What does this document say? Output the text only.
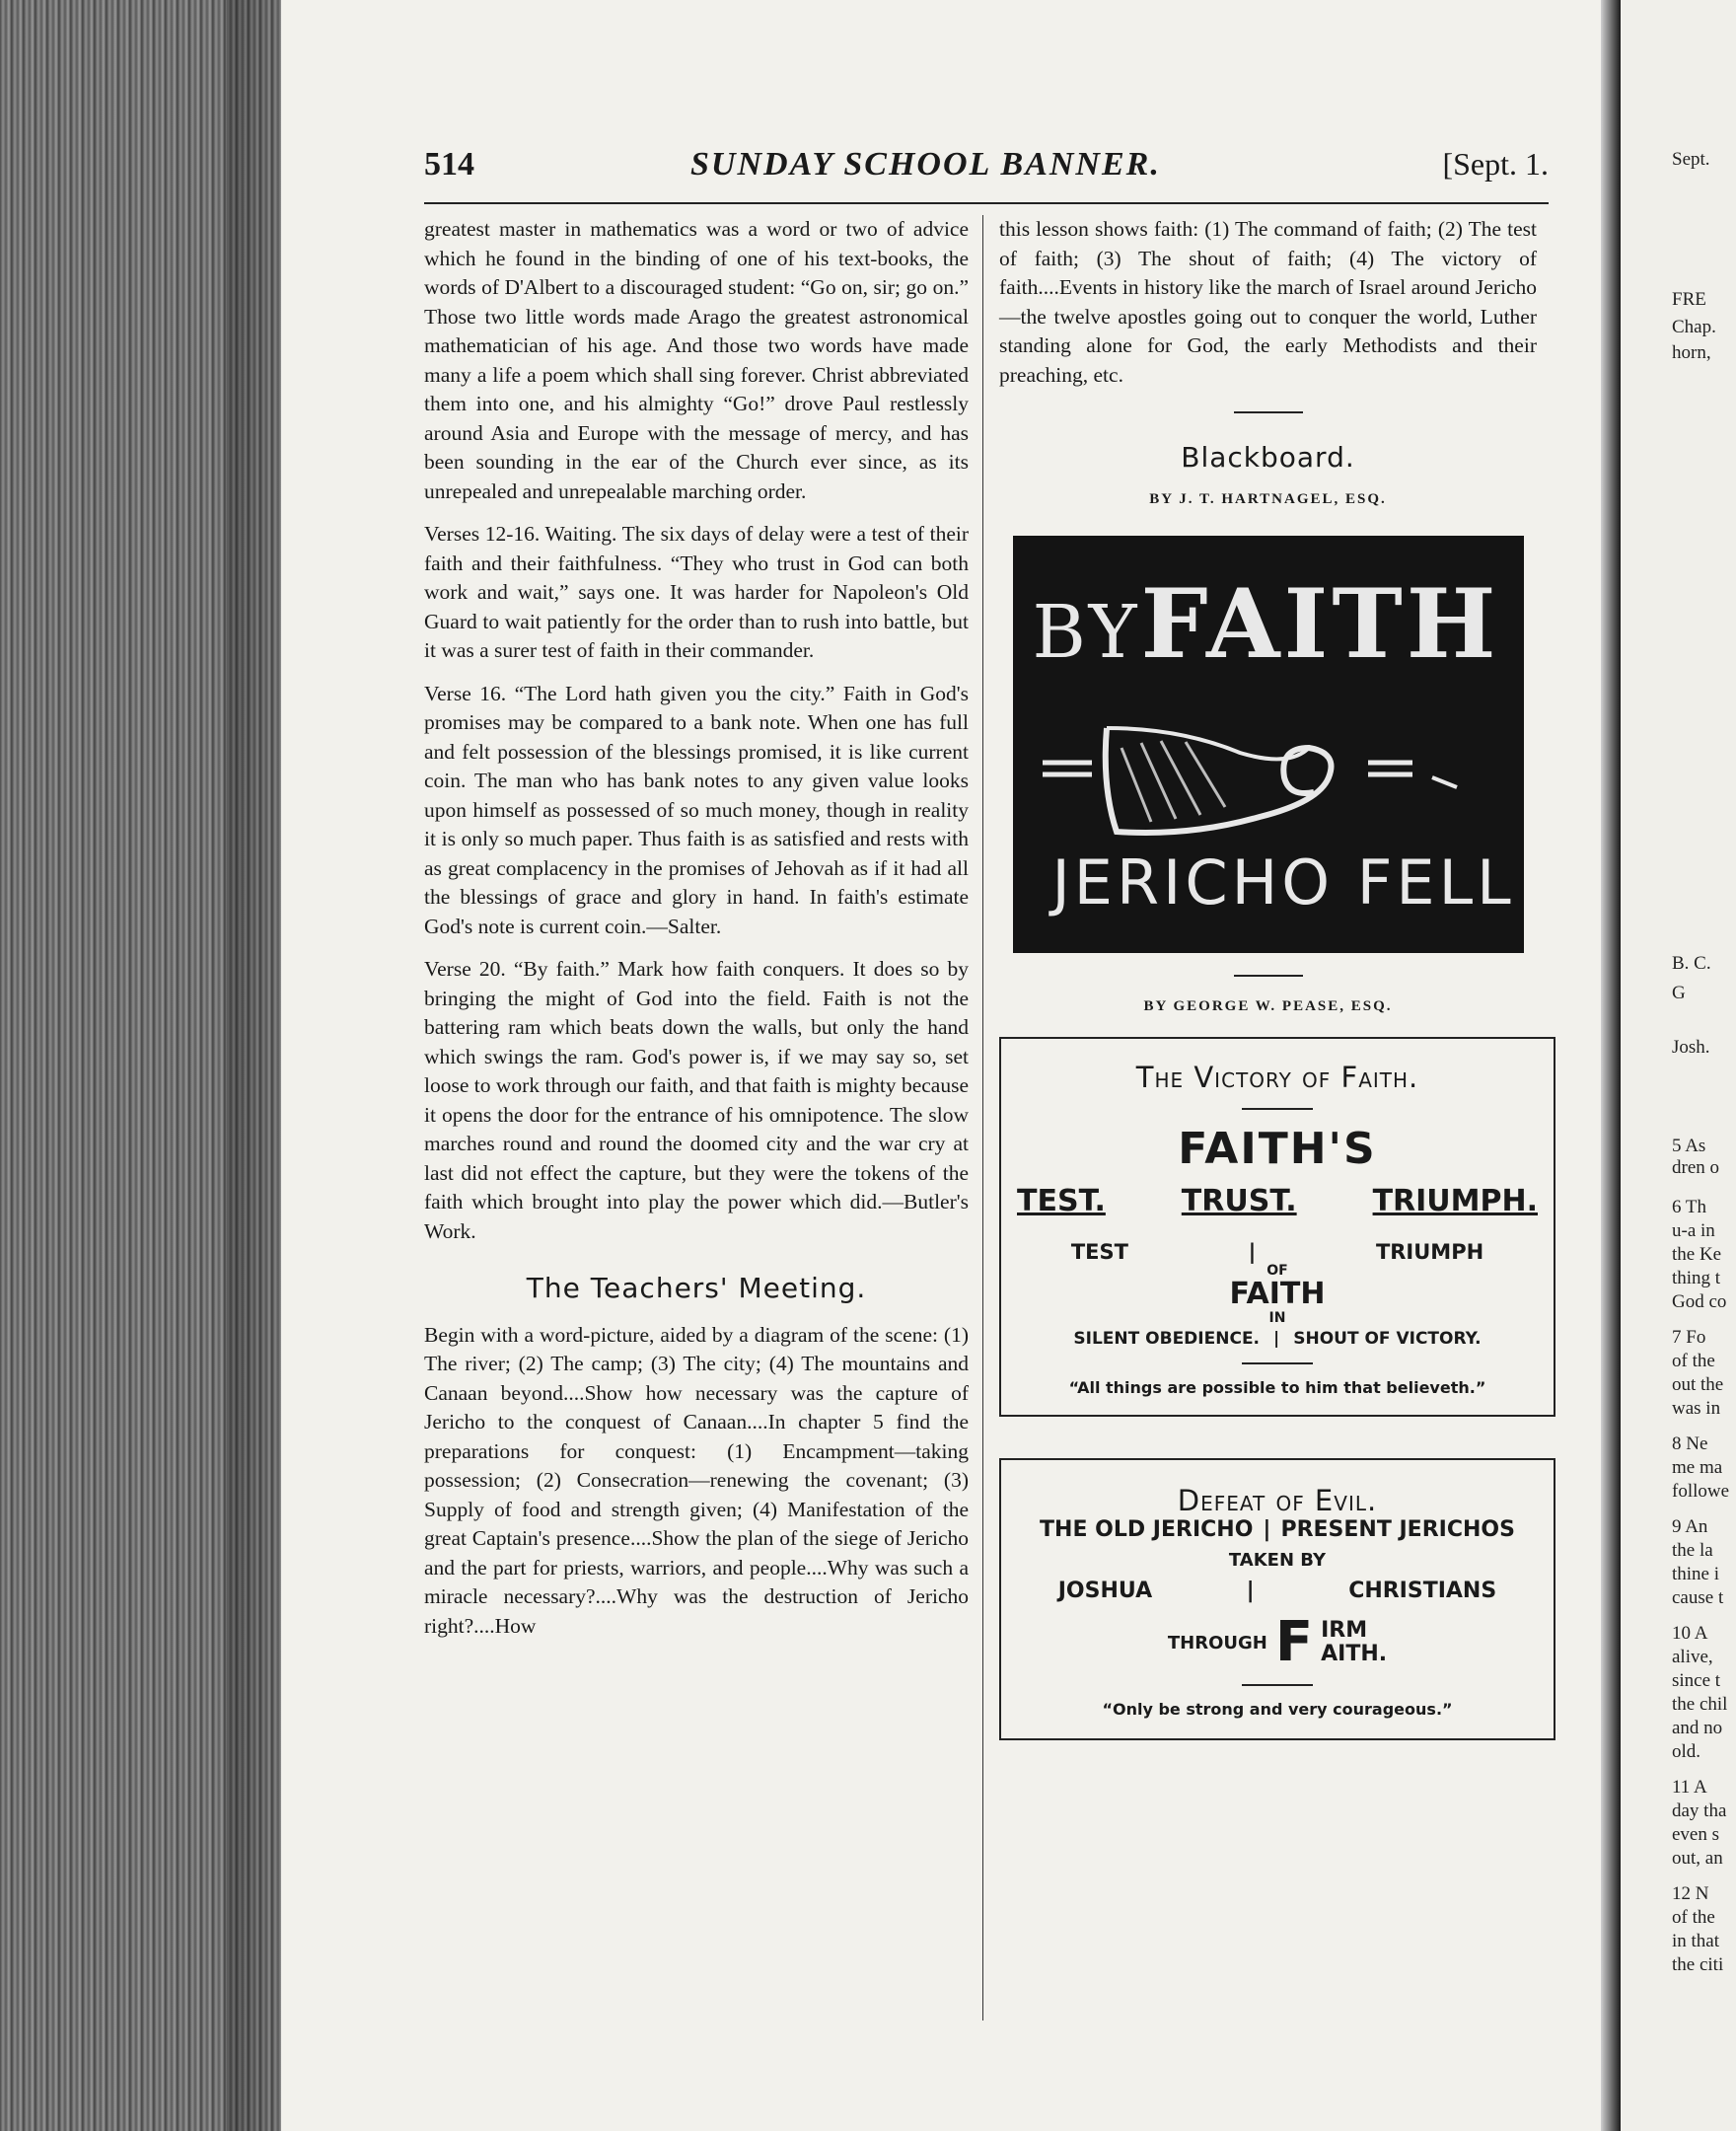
514	SUNDAY SCHOOL BANNER.	[Sept. 1.

greatest master in mathematics was a word or two of advice which he found in the binding of one of his text-books, the words of D'Albert to a discouraged student: “Go on, sir; go on.” Those two little words made Arago the greatest astronomical mathematician of his age. And those two words have made many a life a poem which shall sing forever. Christ abbreviated them into one, and his almighty “Go!” drove Paul restlessly around Asia and Europe with the message of mercy, and has been sounding in the ear of the Church ever since, as its unrepealed and unrepealable marching order.

Verses 12-16. Waiting. The six days of delay were a test of their faith and their faithfulness. “They who trust in God can both work and wait,” says one. It was harder for Napoleon's Old Guard to wait patiently for the order than to rush into battle, but it was a surer test of faith in their commander.

Verse 16. “The Lord hath given you the city.” Faith in God's promises may be compared to a bank note. When one has full and felt possession of the blessings promised, it is like current coin. The man who has bank notes to any given value looks upon himself as possessed of so much money, though in reality it is only so much paper. Thus faith is as satisfied and rests with as great complacency in the promises of Jehovah as if it had all the blessings of grace and glory in hand. In faith's estimate God's note is current coin.—Salter.

Verse 20. “By faith.” Mark how faith conquers. It does so by bringing the might of God into the field. Faith is not the battering ram which beats down the walls, but only the hand which swings the ram. God's power is, if we may say so, set loose to work through our faith, and that faith is mighty because it opens the door for the entrance of his omnipotence. The slow marches round and round the doomed city and the war cry at last did not effect the capture, but they were the tokens of the faith which brought into play the power which did.—Butler's Work.

The Teachers' Meeting.

Begin with a word-picture, aided by a diagram of the scene: (1) The river; (2) The camp; (3) The city; (4) The mountains and Canaan beyond....Show how necessary was the capture of Jericho to the conquest of Canaan....In chapter 5 find the preparations for conquest: (1) Encampment—taking possession; (2) Consecration—renewing the covenant; (3) Supply of food and strength given; (4) Manifestation of the great Captain's presence....Show the plan of the siege of Jericho and the part for priests, warriors, and people....Why was such a miracle necessary?....Why was the destruction of Jericho right?....How

this lesson shows faith: (1) The command of faith; (2) The test of faith; (3) The shout of faith; (4) The victory of faith....Events in history like the march of Israel around Jericho—the twelve apostles going out to conquer the world, Luther standing alone for God, the early Methodists and their preaching, etc.

Blackboard.
BY J. T. HARTNAGEL, ESQ.
BYFAITH
JERICHO FELL
BY GEORGE W. PEASE, ESQ.
The Victory of Faith.
FAITH'S
TEST.	TRUST.	TRIUMPH.
TEST	|	TRIUMPH
OF
FAITH
IN
SILENT OBEDIENCE. | SHOUT OF VICTORY.
“All things are possible to him that believeth.”
Defeat of Evil.
THE OLD JERICHO | PRESENT JERICHOS
TAKEN BY
JOSHUA	|	CHRISTIANS
THROUGH F IRM
AITH.
“Only be strong and very courageous.”
Sept.
FRE
Chap.
horn,
B. C.
G
Josh.
5 As
dren o
6 Th
u-a in
the Ke
thing t
God co
7 Fo
of the
out the
was in
8 Ne
me ma
followe
9 An
the la
thine i
cause t
10 A
alive,
since t
the chil
and no
old.
11 A
day tha
even s
out, an
12 N
of the
in that
the citi
